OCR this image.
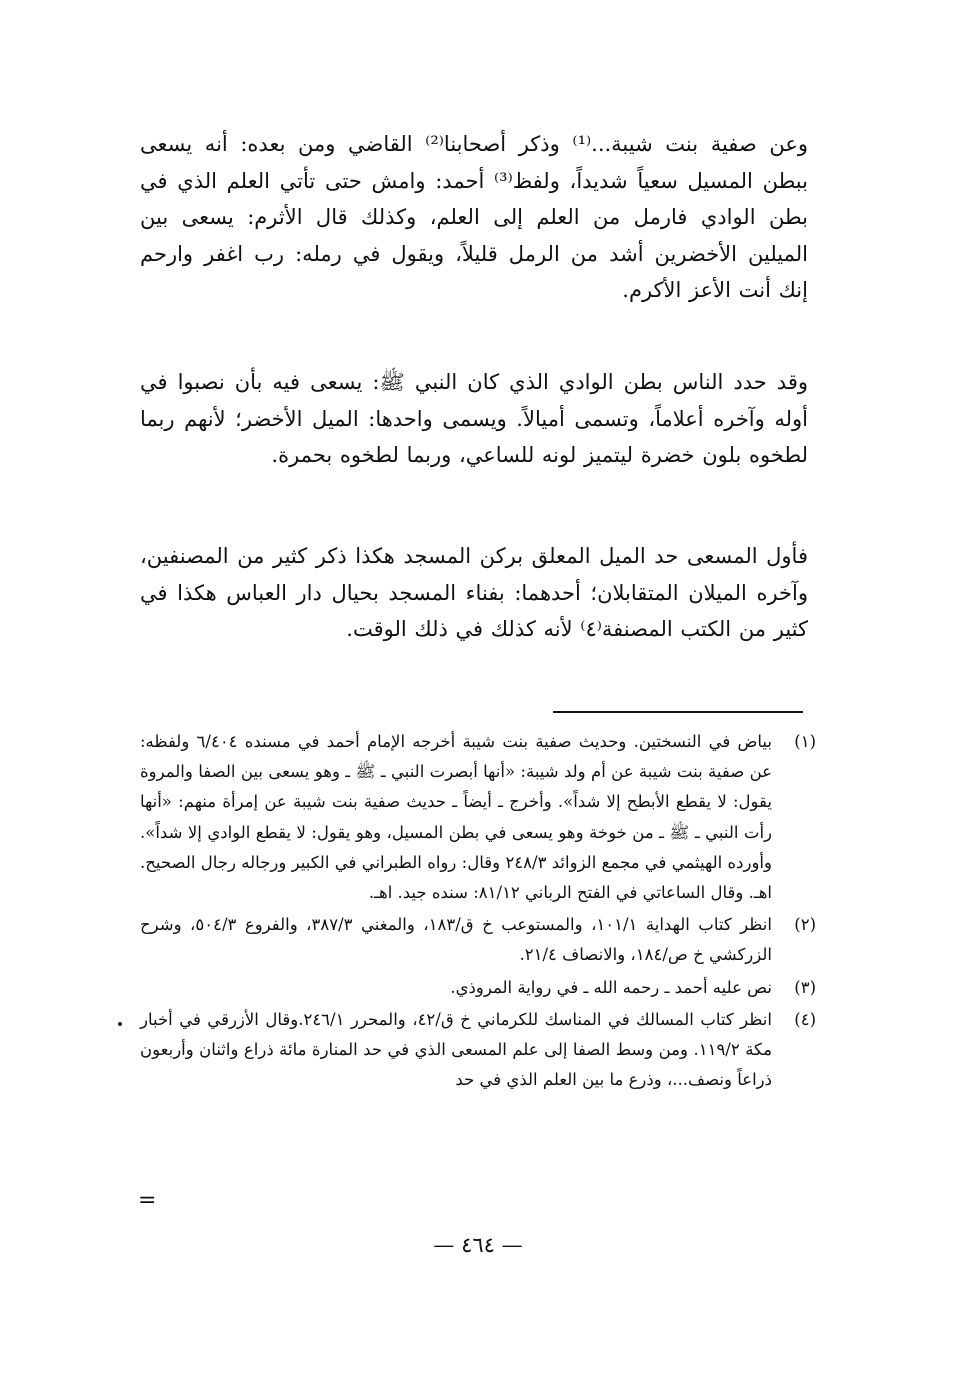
وعن صفية بنت شيبة...⁽¹⁾ وذكر أصحابنا⁽²⁾ القاضي ومن بعده: أنه يسعى ببطن المسيل سعياً شديداً، ولفظ⁽³⁾ أحمد: وامش حتى تأتي العلم الذي في بطن الوادي فارمل من العلم إلى العلم، وكذلك قال الأثرم: يسعى بين الميلين الأخضرين أشد من الرمل قليلاً، ويقول في رمله: رب اغفر وارحم إنك أنت الأعز الأكرم.

وقد حدد الناس بطن الوادي الذي كان النبي ﷺ: يسعى فيه بأن نصبوا في أوله وآخره أعلاماً، وتسمى أميالاً. ويسمى واحدها: الميل الأخضر؛ لأنهم ربما لطخوه بلون خضرة ليتميز لونه للساعي، وربما لطخوه بحمرة.

فأول المسعى حد الميل المعلق بركن المسجد هكذا ذكر كثير من المصنفين، وآخره الميلان المتقابلان؛ أحدهما: بفناء المسجد بحيال دار العباس هكذا في كثير من الكتب المصنفة⁽٤⁾ لأنه كذلك في ذلك الوقت.

(١)

بياض في النسختين. وحديث صفية بنت شيبة أخرجه الإمام أحمد في مسنده ٦/٤٠٤ ولفظه: عن صفية بنت شيبة عن أم ولد شيبة: «أنها أبصرت النبي ـ ﷺ ـ وهو يسعى بين الصفا والمروة يقول: لا يقطع الأبطح إلا شداً». وأخرج ـ أيضاً ـ حديث صفية بنت شيبة عن إمرأة منهم: «أنها رأت النبي ـ ﷺ ـ من خوخة وهو يسعى في بطن المسيل، وهو يقول: لا يقطع الوادي إلا شداً». وأورده الهيثمي في مجمع الزوائد ٢٤٨/٣ وقال: رواه الطبراني في الكبير ورجاله رجال الصحيح. اهـ. وقال الساعاتي في الفتح الرباني ٨١/١٢: سنده جيد. اهـ.

(٢)

انظر كتاب الهداية ١٠١/١، والمستوعب خ ق/١٨٣، والمغني ٣٨٧/٣، والفروع ٥٠٤/٣، وشرح الزركشي خ ص/١٨٤، والانصاف ٢١/٤.

(٣)

نص عليه أحمد ـ رحمه الله ـ في رواية المروذي.

(٤)

انظر كتاب المسالك في المناسك للكرماني خ ق/٤٢، والمحرر ٢٤٦/١.وقال الأزرقي في أخبار مكة ١١٩/٢. ومن وسط الصفا إلى علم المسعى الذي في حد المنارة مائة ذراع واثنان وأربعون ذراعاً ونصف...، وذرع ما بين العلم الذي في حد

=
— ٤٦٤ —
